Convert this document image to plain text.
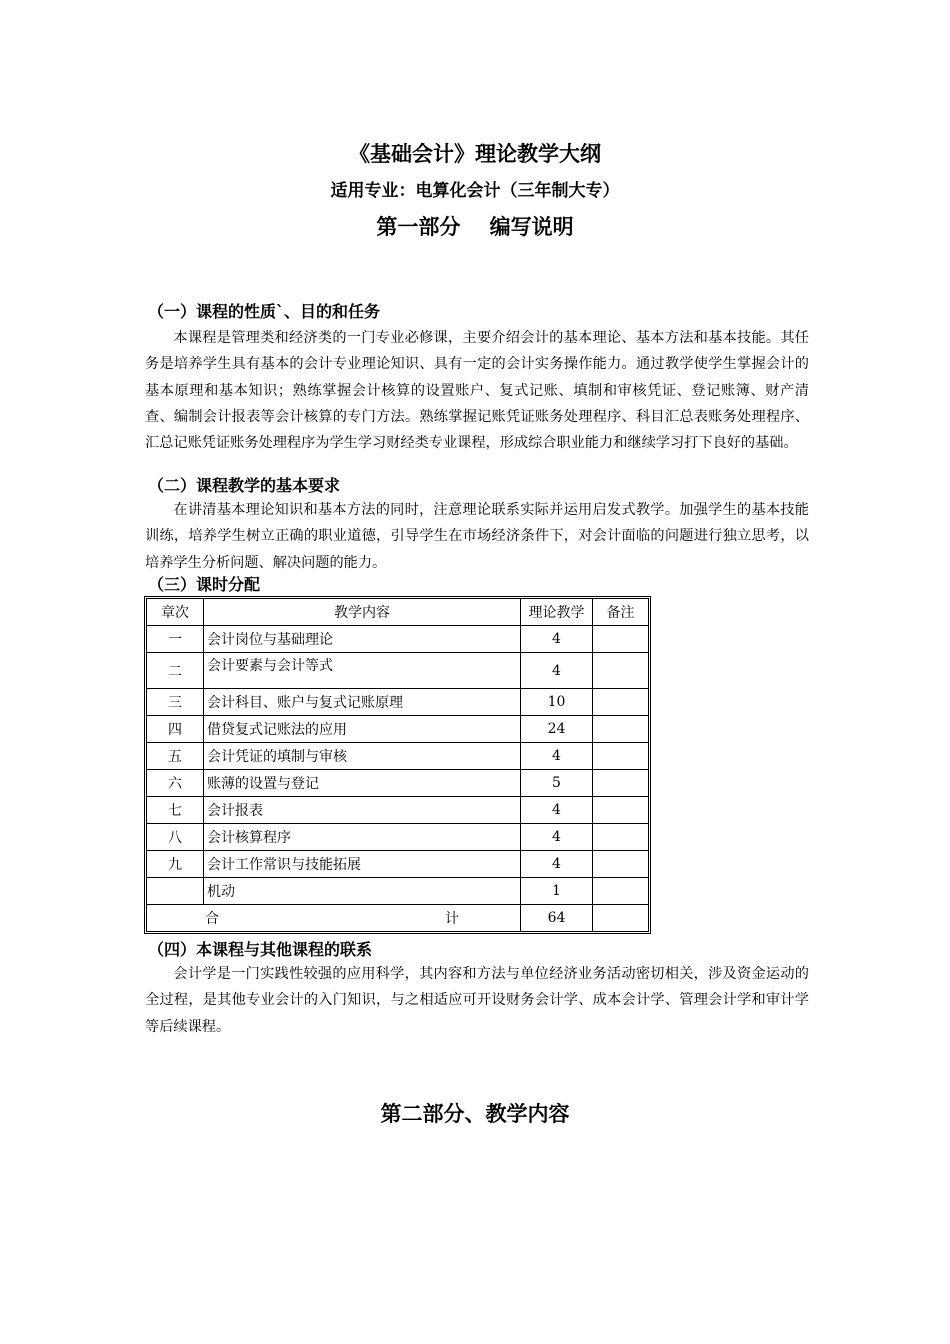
《基础会计》理论教学大纲
适用专业：电算化会计（三年制大专）
第一部分    编写说明
（一）课程的性质`、目的和任务

本课程是管理类和经济类的一门专业必修课，主要介绍会计的基本理论、基本方法和基本技能。其任务是培养学生具有基本的会计专业理论知识、具有一定的会计实务操作能力。通过教学使学生掌握会计的基本原理和基本知识；熟练掌握会计核算的设置账户、复式记账、填制和审核凭证、登记账簿、财产清查、编制会计报表等会计核算的专门方法。熟练掌握记账凭证账务处理程序、科目汇总表账务处理程序、汇总记账凭证账务处理程序为学生学习财经类专业课程，形成综合职业能力和继续学习打下良好的基础。

（二）课程教学的基本要求

在讲清基本理论知识和基本方法的同时，注意理论联系实际并运用启发式教学。加强学生的基本技能训练，培养学生树立正确的职业道德，引导学生在市场经济条件下，对会计面临的问题进行独立思考，以培养学生分析问题、解决问题的能力。

（三）课时分配
章次	教学内容	理论教学	备注
一	会计岗位与基础理论	4	
二	会计要素与会计等式	4	
三	会计科目、账户与复式记账原理	10	
四	借贷复式记账法的应用	24	
五	会计凭证的填制与审核	4	
六	账薄的设置与登记	5	
七	会计报表	4	
八	会计核算程序	4	
九	会计工作常识与技能拓展	4	
	机动	1	
合 计		64	
（四）本课程与其他课程的联系

会计学是一门实践性较强的应用科学，其内容和方法与单位经济业务活动密切相关，涉及资金运动的全过程，是其他专业会计的入门知识，与之相适应可开设财务会计学、成本会计学、管理会计学和审计学等后续课程。

第二部分、教学内容
